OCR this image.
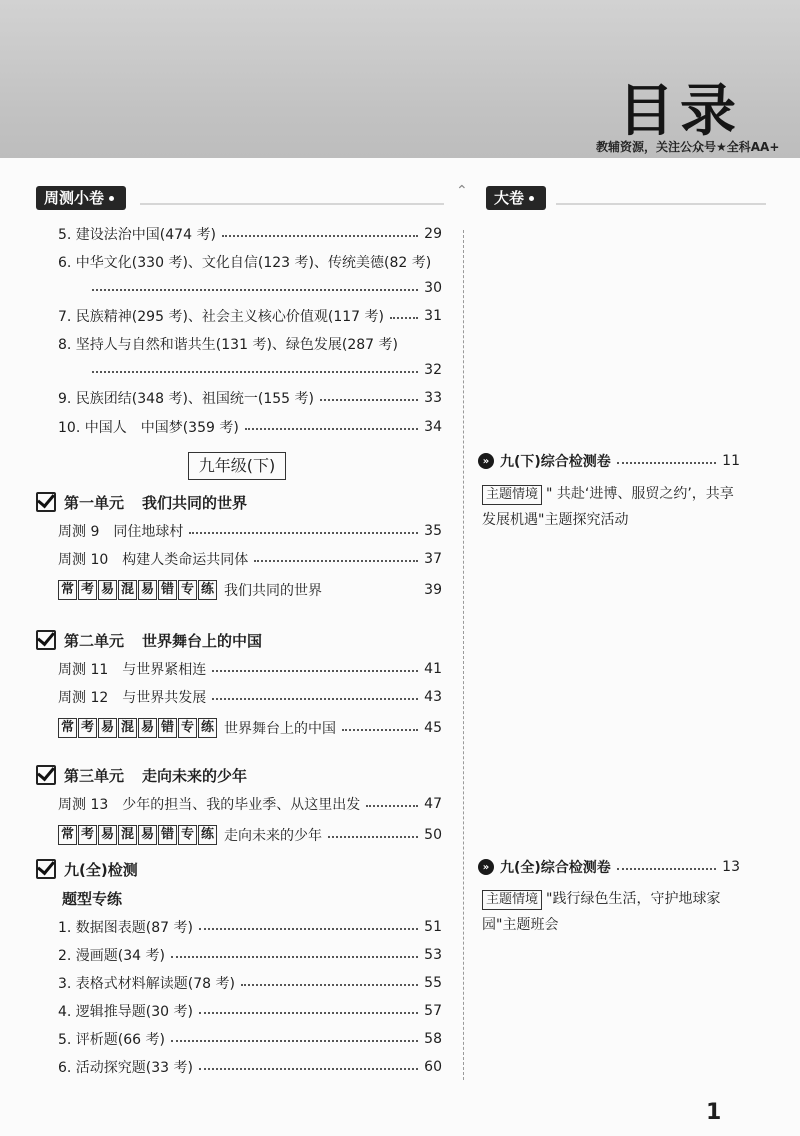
目录
教辅资源，关注公众号★全科AA+
周测小卷	⌃	大卷
5. 建设法治中国(474 考)	29
6. 中华文化(330 考)、文化自信(123 考)、传统美德(82 考)
30
7. 民族精神(295 考)、社会主义核心价值观(117 考)	31
8. 坚持人与自然和谐共生(131 考)、绿色发展(287 考)
32
9. 民族团结(348 考)、祖国统一(155 考)	33
10. 中国人　中国梦(359 考)	34
九年级(下)
第一单元 我们共同的世界
周测 9　同住地球村	35
周测 10　构建人类命运共同体	37
常 考 易 混 易 错 专 练 我们共同的世界	39
第二单元 世界舞台上的中国
周测 11　与世界紧相连	41
周测 12　与世界共发展	43
常 考 易 混 易 错 专 练 世界舞台上的中国	45
第三单元 走向未来的少年
周测 13　少年的担当、我的毕业季、从这里出发	47
常 考 易 混 易 错 专 练 走向未来的少年	50
九(全)检测
题型专练
1. 数据图表题(87 考)	51
2. 漫画题(34 考)	53
3. 表格式材料解读题(78 考)	55
4. 逻辑推导题(30 考)	57
5. 评析题(66 考)	58
6. 活动探究题(33 考)	60
» 九(下)综合检测卷	11
主题情境 " 共赴‘进博、服贸之约’，共享发展机遇"主题探究活动
» 九(全)综合检测卷	13
主题情境 "践行绿色生活，守护地球家园"主题班会
1
